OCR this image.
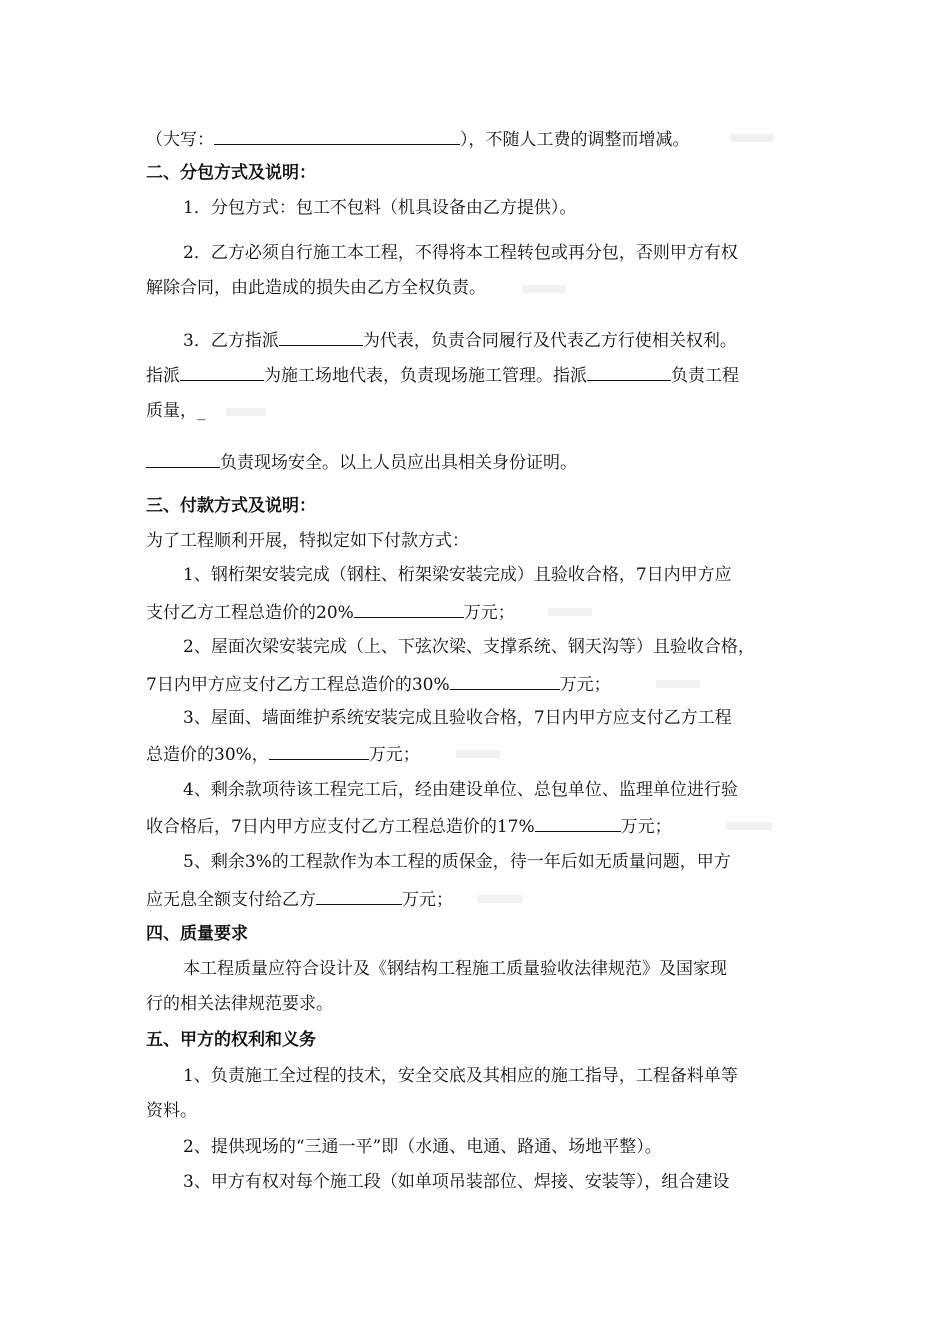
（大写：	），不随人工费的调整而增减。
二、分包方式及说明：
1．分包方式：包工不包料（机具设备由乙方提供）。
2．乙方必须自行施工本工程，不得将本工程转包或再分包，否则甲方有权
解除合同，由此造成的损失由乙方全权负责。
3．乙方指派	为代表，负责合同履行及代表乙方行使相关权利。
指派	为施工场地代表，负责现场施工管理。指派	负责工程
质量，_
负责现场安全。以上人员应出具相关身份证明。
三、付款方式及说明：
为了工程顺利开展，特拟定如下付款方式：
1、钢桁架安装完成（钢柱、桁架梁安装完成）且验收合格，7日内甲方应
支付乙方工程总造价的20%	万元；
2、屋面次梁安装完成（上、下弦次梁、支撑系统、钢天沟等）且验收合格，
7日内甲方应支付乙方工程总造价的30%	万元；
3、屋面、墙面维护系统安装完成且验收合格，7日内甲方应支付乙方工程
总造价的30%，	万元；
4、剩余款项待该工程完工后，经由建设单位、总包单位、监理单位进行验
收合格后，7日内甲方应支付乙方工程总造价的17%	万元；
5、剩余3%的工程款作为本工程的质保金，待一年后如无质量问题，甲方
应无息全额支付给乙方	万元；
四、质量要求
本工程质量应符合设计及《钢结构工程施工质量验收法律规范》及国家现
行的相关法律规范要求。
五、甲方的权利和义务
1、负责施工全过程的技术，安全交底及其相应的施工指导，工程备料单等
资料。
2、提供现场的“三通一平”即（水通、电通、路通、场地平整）。
3、甲方有权对每个施工段（如单项吊装部位、焊接、安装等），组合建设
